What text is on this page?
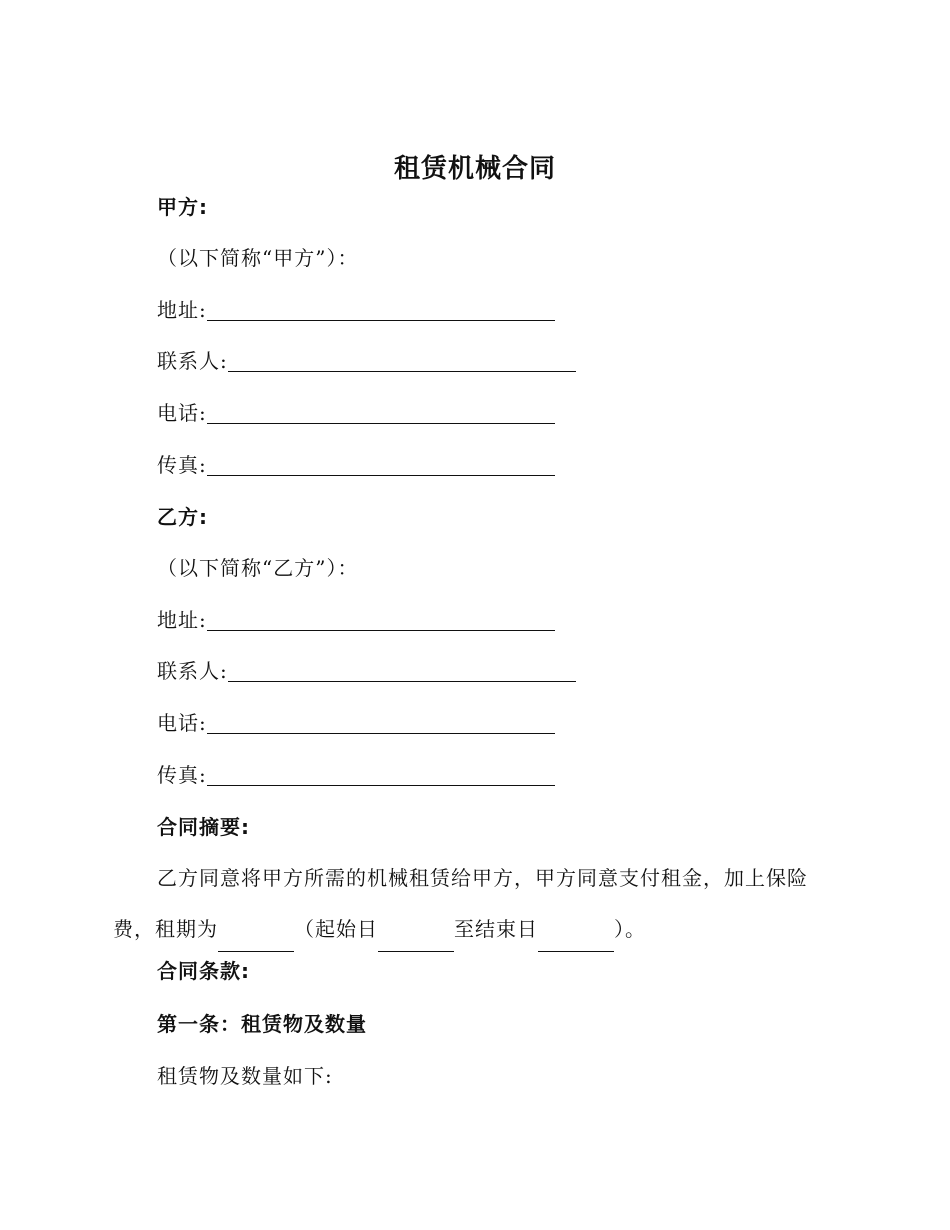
租赁机械合同
甲方:
（以下简称“甲方”）：
地址:
联系人:
电话:
传真:
乙方:
（以下简称“乙方”）：
地址:
联系人:
电话:
传真:
合同摘要:
乙方同意将甲方所需的机械租赁给甲方，甲方同意支付租金，加上保险费，租期为	（起始日	至结束日	）。
合同条款:
第一条：租赁物及数量
租赁物及数量如下:
